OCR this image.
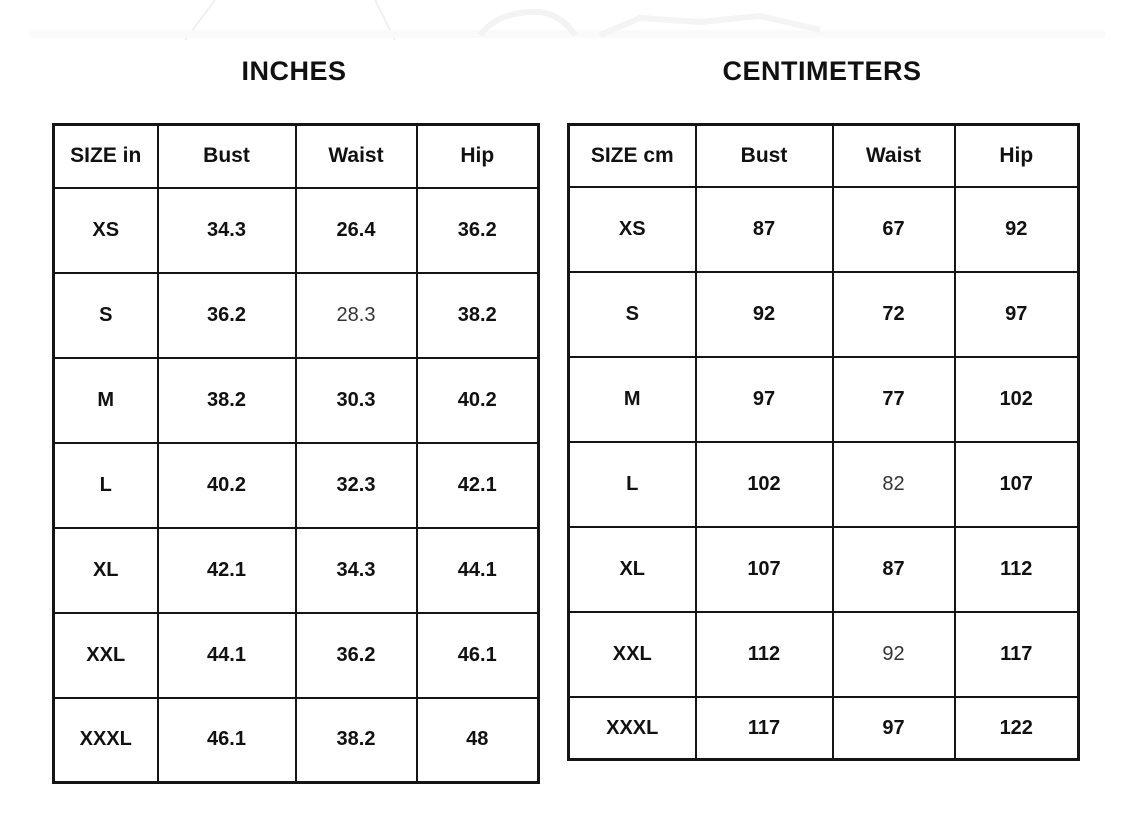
INCHES	CENTIMETERS
SIZE in	Bust	Waist	Hip
XS	34.3	26.4	36.2
S	36.2	28.3	38.2
M	38.2	30.3	40.2
L	40.2	32.3	42.1
XL	42.1	34.3	44.1
XXL	44.1	36.2	46.1
XXXL	46.1	38.2	48
SIZE cm	Bust	Waist	Hip
XS	87	67	92
S	92	72	97
M	97	77	102
L	102	82	107
XL	107	87	112
XXL	112	92	117
XXXL	117	97	122
